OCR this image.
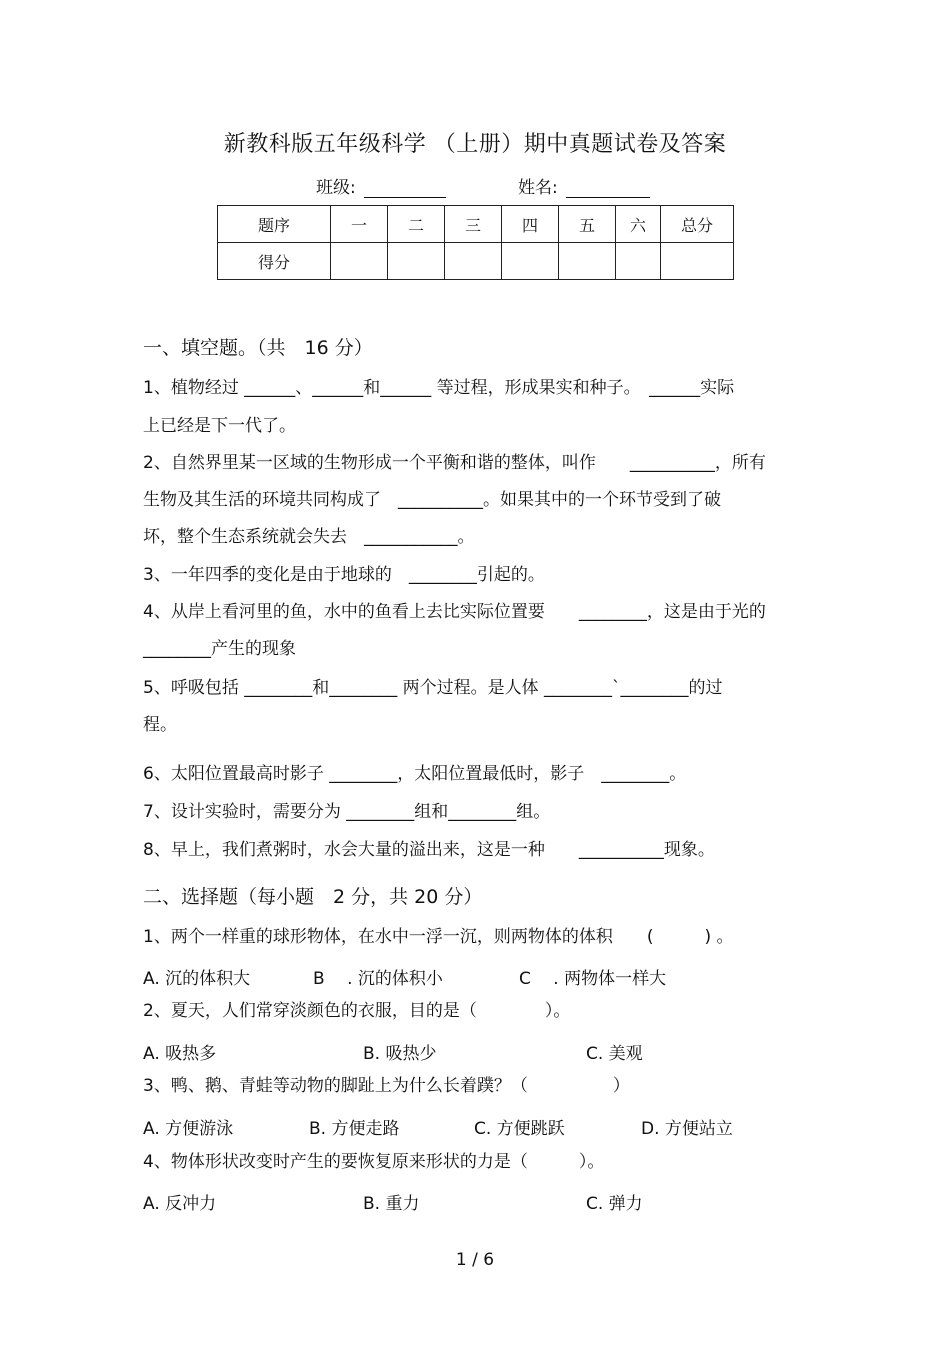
新教科版五年级科学 （上册）期中真题试卷及答案
班级:	姓名:
题序	一	二	三	四	五	六	总分
得分							
一、填空题。（共　16 分）
1、植物经过 ______、______和______ 等过程，形成果实和种子。　______实际
上已经是下一代了。
2、自然界里某一区域的生物形成一个平衡和谐的整体，叫作　　__________，所有
生物及其生活的环境共同构成了　__________。如果其中的一个环节受到了破
坏，整个生态系统就会失去　___________。
3、一年四季的变化是由于地球的　________引起的。
4、从岸上看河里的鱼，水中的鱼看上去比实际位置要　　________，这是由于光的
________产生的现象
5、呼吸包括 ________和________ 两个过程。是人体 ________`________的过
程。
6、太阳位置最高时影子 ________，太阳位置最低时，影子　________。
7、设计实验时，需要分为 ________组和________组。
8、早上，我们煮粥时，水会大量的溢出来，这是一种　　__________现象。
二、选择题（每小题　2 分，共 20 分）
1、两个一样重的球形物体，在水中一浮一沉，则两物体的体积　　(　　　) 。
A. 沉的体积大	B　 . 沉的体积小	C　 . 两物体一样大
2、夏天，人们常穿淡颜色的衣服，目的是（　　　　）。
A. 吸热多	B. 吸热少	C. 美观
3、鸭、鹅、青蛙等动物的脚趾上为什么长着蹼？（　　　　　）
A. 方便游泳	B. 方便走路	C. 方便跳跃	D. 方便站立
4、物体形状改变时产生的要恢复原来形状的力是（　　　）。
A. 反冲力	B. 重力	C. 弹力
1 / 6
